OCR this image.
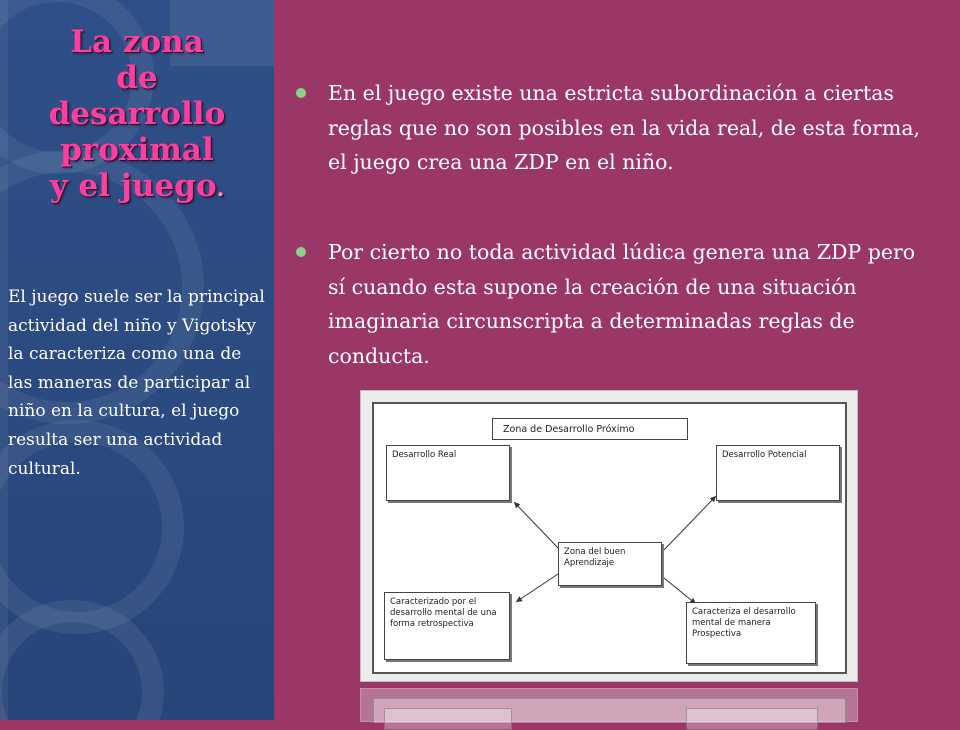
La zona
de
desarrollo
proximal
y el juego.
El juego suele ser la principal actividad del niño y Vigotsky la caracteriza como una de las maneras de participar al niño en la cultura, el juego resulta ser una actividad cultural.
En el juego existe una estricta subordinación a ciertas reglas que no son posibles en la vida real, de esta forma, el juego crea una ZDP en el niño.
Por cierto no toda actividad lúdica genera una ZDP pero sí cuando esta supone la creación de una situación imaginaria circunscripta a determinadas reglas de conducta.
Zona de Desarrollo Próximo
Desarrollo Real	Desarrollo Potencial
Zona del buen Aprendizaje
Caracterizado por el desarrollo mental de una forma retrospectiva
Caracteriza el desarrollo mental de manera Prospectiva
